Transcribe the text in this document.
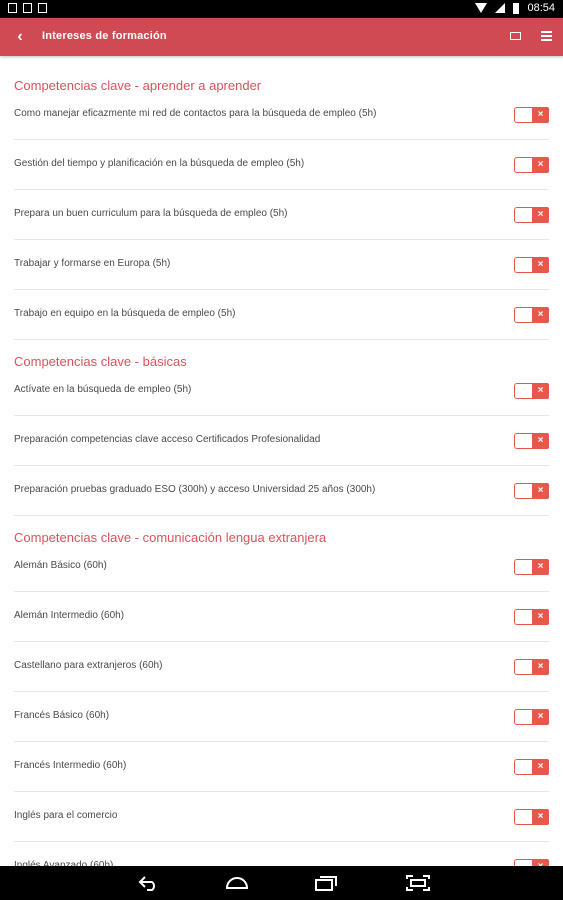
08:54
‹	Intereses de formación
Competencias clave - aprender a aprender
Como manejar eficazmente mi red de contactos para la búsqueda de empleo (5h)	×
Gestión del tiempo y planificación en la búsqueda de empleo (5h)	×
Prepara un buen curriculum para la búsqueda de empleo (5h)	×
Trabajar y formarse en Europa (5h)	×
Trabajo en equipo en la búsqueda de empleo (5h)	×
Competencias clave - básicas
Actívate en la búsqueda de empleo (5h)	×
Preparación competencias clave acceso Certificados Profesionalidad	×
Preparación pruebas graduado ESO (300h) y acceso Universidad 25 años (300h)	×
Competencias clave - comunicación lengua extranjera
Alemán Básico (60h)	×
Alemán Intermedio (60h)	×
Castellano para extranjeros (60h)	×
Francés Básico (60h)	×
Francés Intermedio (60h)	×
Inglés para el comercio	×
